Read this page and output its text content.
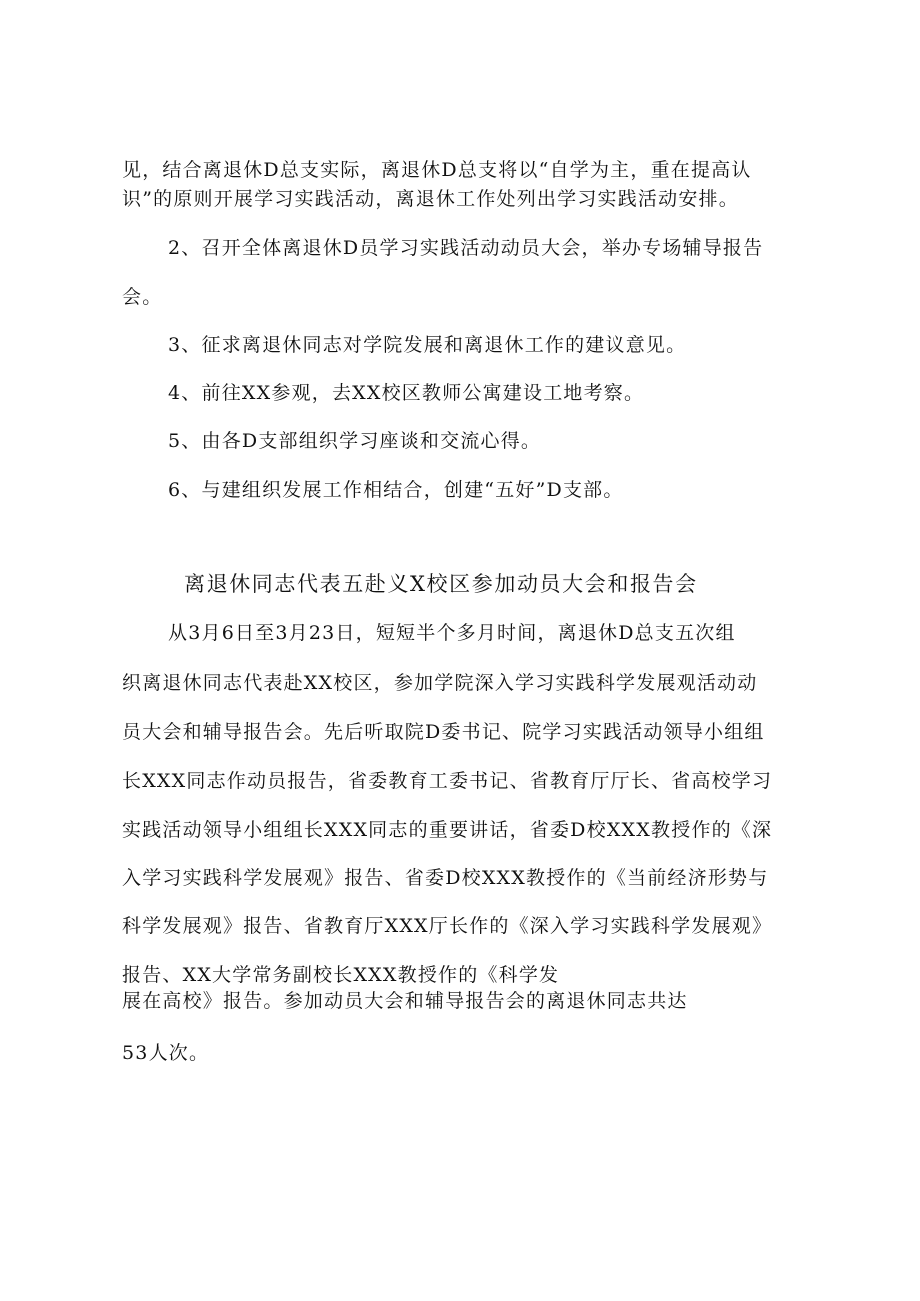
见，结合离退休D总支实际，离退休D总支将以“自学为主，重在提高认
识”的原则开展学习实践活动，离退休工作处列出学习实践活动安排。
2、召开全体离退休D员学习实践活动动员大会，举办专场辅导报告
会。
3、征求离退休同志对学院发展和离退休工作的建议意见。
4、前往XX参观，去XX校区教师公寓建设工地考察。
5、由各D支部组织学习座谈和交流心得。
6、与建组织发展工作相结合，创建“五好”D支部。
离退休同志代表五赴义X校区参加动员大会和报告会
从3月6日至3月23日，短短半个多月时间，离退休D总支五次组
织离退休同志代表赴XX校区，参加学院深入学习实践科学发展观活动动
员大会和辅导报告会。先后听取院D委书记、院学习实践活动领导小组组
长XXX同志作动员报告，省委教育工委书记、省教育厅厅长、省高校学习
实践活动领导小组组长XXX同志的重要讲话，省委D校XXX教授作的《深
入学习实践科学发展观》报告、省委D校XXX教授作的《当前经济形势与
科学发展观》报告、省教育厅XXX厅长作的《深入学习实践科学发展观》
报告、XX大学常务副校长XXX教授作的《科学发
展在高校》报告。参加动员大会和辅导报告会的离退休同志共达
53人次。
